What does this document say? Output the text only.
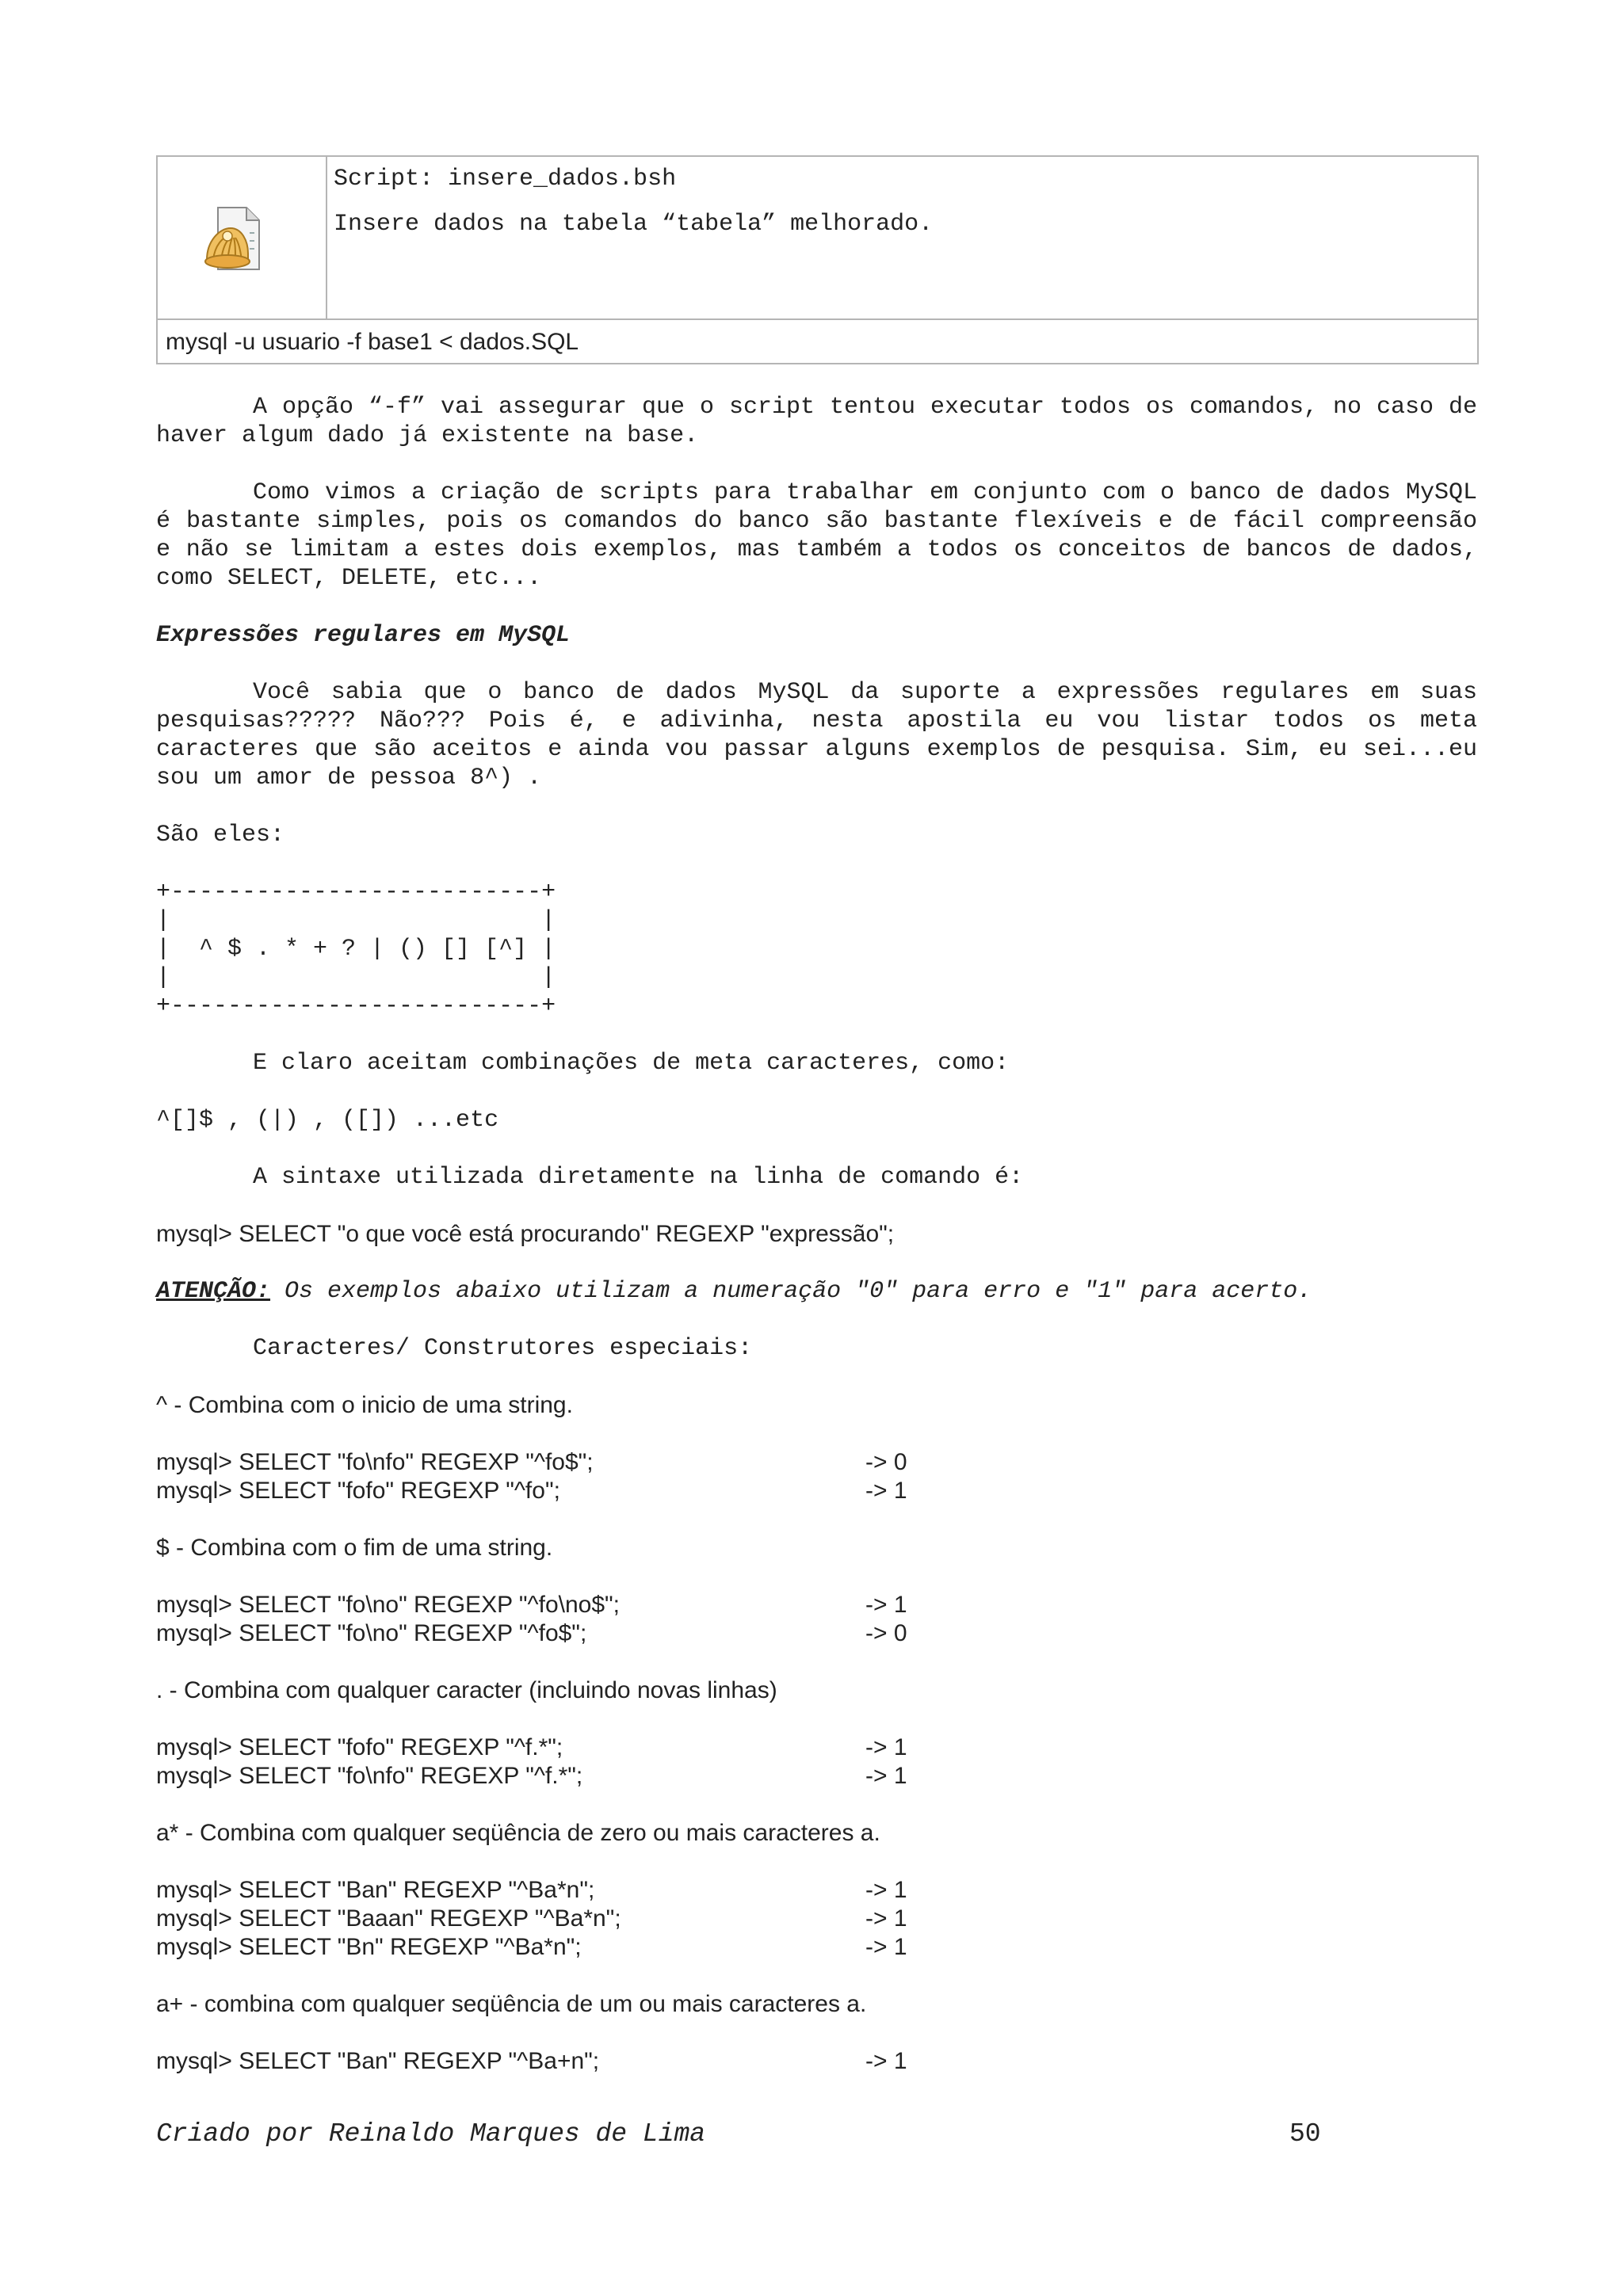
Script: insere_dados.bsh
Insere dados na tabela “tabela” melhorado.
mysql -u usuario -f base1 < dados.SQL
A opção “-f” vai assegurar que o script tentou executar todos os comandos, no caso de haver algum dado já existente na base.
Como vimos a criação de scripts para trabalhar em conjunto com o banco de dados MySQL é bastante simples, pois os comandos do banco são bastante flexíveis e de fácil compreensão e não se limitam a estes dois exemplos, mas também a todos os conceitos de bancos de dados, como SELECT, DELETE, etc...
Expressões regulares em MySQL
Você sabia que o banco de dados MySQL da suporte a expressões regulares em suas pesquisas????? Não??? Pois é, e adivinha, nesta apostila eu vou listar todos os meta caracteres que são aceitos e ainda vou passar alguns exemplos de pesquisa. Sim, eu sei...eu sou um amor de pessoa 8^) .
São eles:
+--------------------------+
|                          |
|  ^ $ . * + ? | () [] [^] |
|                          |
+--------------------------+
E claro aceitam combinações de meta caracteres, como:
^[]$ , (|) , ([]) ...etc
A sintaxe utilizada diretamente na linha de comando é:
mysql> SELECT "o que você está procurando" REGEXP "expressão";
ATENÇÃO: Os exemplos abaixo utilizam a numeração "0" para erro e "1" para acerto.
Caracteres/ Construtores especiais:
^ - Combina com o inicio de uma string.
mysql> SELECT "fo\nfo" REGEXP "^fo$";	-> 0
mysql> SELECT "fofo" REGEXP "^fo";	-> 1
$ - Combina com o fim de uma string.
mysql> SELECT "fo\no" REGEXP "^fo\no$";	-> 1
mysql> SELECT "fo\no" REGEXP "^fo$";	-> 0
. - Combina com qualquer caracter (incluindo novas linhas)
mysql> SELECT "fofo" REGEXP "^f.*";	-> 1
mysql> SELECT "fo\nfo" REGEXP "^f.*";	-> 1
a* - Combina com qualquer seqüência de zero ou mais caracteres a.
mysql> SELECT "Ban" REGEXP "^Ba*n";	-> 1
mysql> SELECT "Baaan" REGEXP "^Ba*n";	-> 1
mysql> SELECT "Bn" REGEXP "^Ba*n";	-> 1
a+ - combina com qualquer seqüência de um ou mais caracteres a.
mysql> SELECT "Ban" REGEXP "^Ba+n";	-> 1
Criado por Reinaldo Marques de Lima	50
